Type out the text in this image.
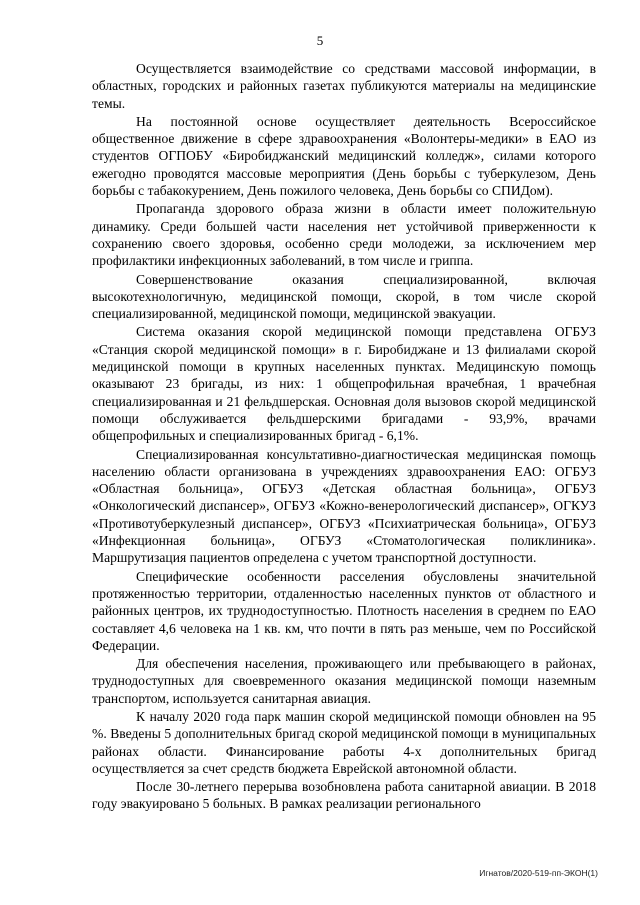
5

Осуществляется взаимодействие со средствами массовой информации, в областных, городских и районных газетах публикуются материалы на медицинские темы.

На постоянной основе осуществляет деятельность Всероссийское общественное движение в сфере здравоохранения «Волонтеры-медики» в ЕАО из студентов ОГПОБУ «Биробиджанский медицинский колледж», силами которого ежегодно проводятся массовые мероприятия (День борьбы с туберкулезом, День борьбы с табакокурением, День пожилого человека, День борьбы со СПИДом).

Пропаганда здорового образа жизни в области имеет положительную динамику. Среди большей части населения нет устойчивой приверженности к сохранению своего здоровья, особенно среди молодежи, за исключением мер профилактики инфекционных заболеваний, в том числе и гриппа.

Совершенствование оказания специализированной, включая высокотехнологичную, медицинской помощи, скорой, в том числе скорой специализированной, медицинской помощи, медицинской эвакуации.

Система оказания скорой медицинской помощи представлена ОГБУЗ «Станция скорой медицинской помощи» в г. Биробиджане и 13 филиалами скорой медицинской помощи в крупных населенных пунктах. Медицинскую помощь оказывают 23 бригады, из них: 1 общепрофильная врачебная, 1 врачебная специализированная и 21 фельдшерская. Основная доля вызовов скорой медицинской помощи обслуживается фельдшерскими бригадами - 93,9%, врачами общепрофильных и специализированных бригад - 6,1%.

Специализированная консультативно-диагностическая медицинская помощь населению области организована в учреждениях здравоохранения ЕАО: ОГБУЗ «Областная больница», ОГБУЗ «Детская областная больница», ОГБУЗ «Онкологический диспансер», ОГБУЗ «Кожно-венерологический диспансер», ОГКУЗ «Противотуберкулезный диспансер», ОГБУЗ «Психиатрическая больница», ОГБУЗ «Инфекционная больница», ОГБУЗ «Стоматологическая поликлиника». Маршрутизация пациентов определена с учетом транспортной доступности.

Специфические особенности расселения обусловлены значительной протяженностью территории, отдаленностью населенных пунктов от областного и районных центров, их труднодоступностью. Плотность населения в среднем по ЕАО составляет 4,6 человека на 1 кв. км, что почти в пять раз меньше, чем по Российской Федерации.

Для обеспечения населения, проживающего или пребывающего в районах, труднодоступных для своевременного оказания медицинской помощи наземным транспортом, используется санитарная авиация.

К началу 2020 года парк машин скорой медицинской помощи обновлен на 95 %. Введены 5 дополнительных бригад скорой медицинской помощи в муниципальных районах области. Финансирование работы 4-х дополнительных бригад осуществляется за счет средств бюджета Еврейской автономной области.

После 30-летнего перерыва возобновлена работа санитарной авиации. В 2018 году эвакуировано 5 больных. В рамках реализации регионального

Игнатов/2020-519-пп-ЭКОН(1)
